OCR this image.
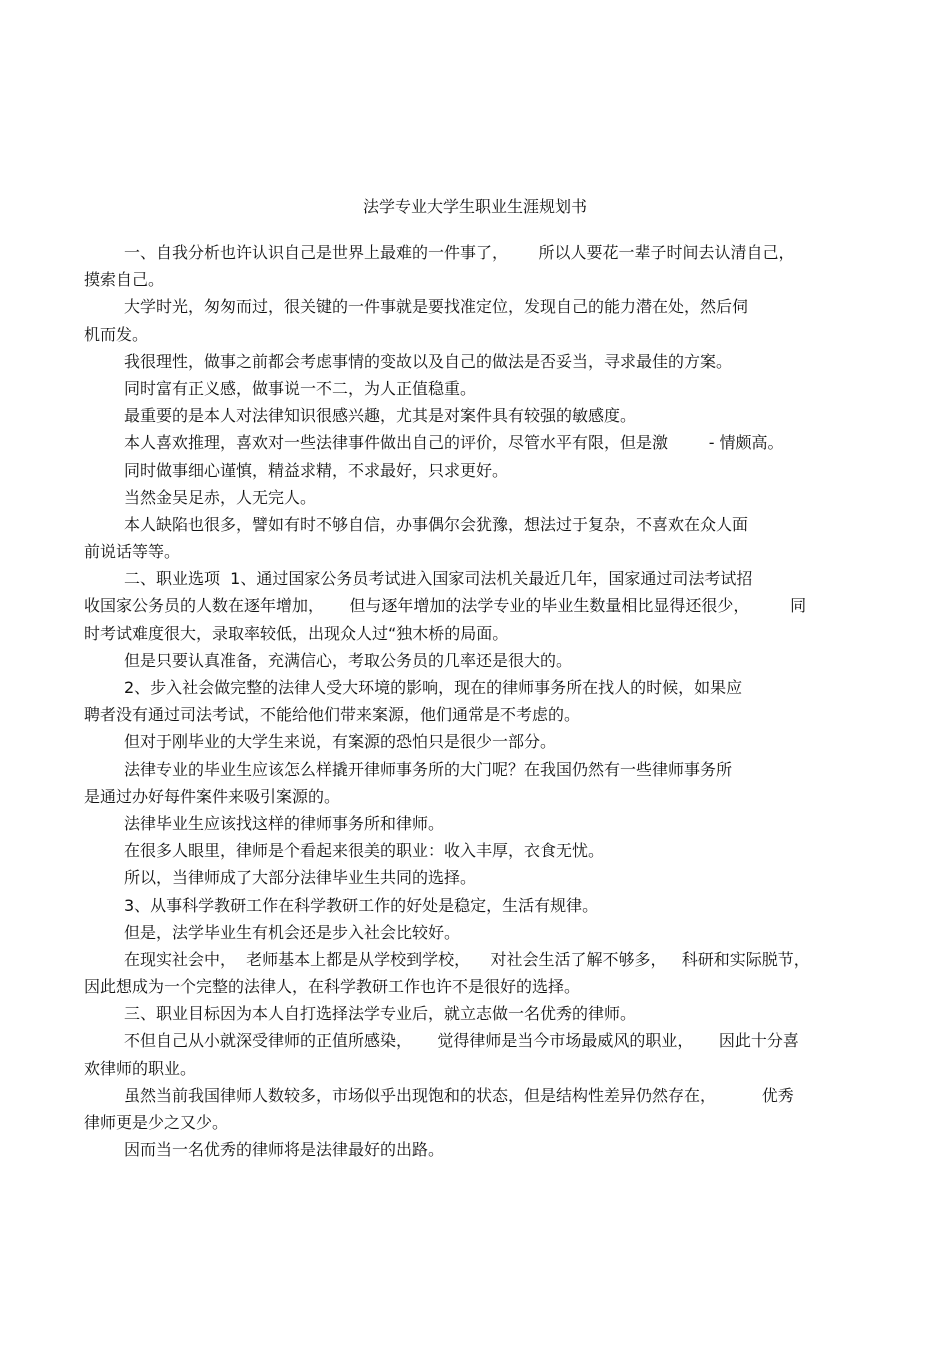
法学专业大学生职业生涯规划书
一、自我分析也许认识自己是世界上最难的一件事了，      所以人要花一辈子时间去认清自己，
摸索自己。
大学时光，匆匆而过，很关键的一件事就是要找准定位，发现自己的能力潜在处，然后伺
机而发。
我很理性，做事之前都会考虑事情的变故以及自己的做法是否妥当，寻求最佳的方案。
同时富有正义感，做事说一不二，为人正值稳重。
最重要的是本人对法律知识很感兴趣，尤其是对案件具有较强的敏感度。
本人喜欢推理，喜欢对一些法律事件做出自己的评价，尽管水平有限，但是激        - 情颇高。
同时做事细心谨慎，精益求精，不求最好，只求更好。
当然金吴足赤，人无完人。
本人缺陷也很多，譬如有时不够自信，办事偶尔会犹豫，想法过于复杂，不喜欢在众人面
前说话等等。
二、职业选项  1、通过国家公务员考试进入国家司法机关最近几年，国家通过司法考试招
收国家公务员的人数在逐年增加，     但与逐年增加的法学专业的毕业生数量相比显得还很少，        同
时考试难度很大，录取率较低，出现众人过“独木桥的局面。
但是只要认真准备，充满信心，考取公务员的几率还是很大的。
2、步入社会做完整的法律人受大环境的影响，现在的律师事务所在找人的时候，如果应
聘者没有通过司法考试，不能给他们带来案源，他们通常是不考虑的。
但对于刚毕业的大学生来说，有案源的恐怕只是很少一部分。
法律专业的毕业生应该怎么样撬开律师事务所的大门呢？在我国仍然有一些律师事务所
是通过办好每件案件来吸引案源的。
法律毕业生应该找这样的律师事务所和律师。
在很多人眼里，律师是个看起来很美的职业：收入丰厚，衣食无忧。
所以，当律师成了大部分法律毕业生共同的选择。
3、从事科学教研工作在科学教研工作的好处是稳定，生活有规律。
但是，法学毕业生有机会还是步入社会比较好。
在现实社会中，  老师基本上都是从学校到学校，    对社会生活了解不够多，   科研和实际脱节，
因此想成为一个完整的法律人，在科学教研工作也许不是很好的选择。
三、职业目标因为本人自打选择法学专业后，就立志做一名优秀的律师。
不但自己从小就深受律师的正值所感染，     觉得律师是当今市场最威风的职业，     因此十分喜
欢律师的职业。
虽然当前我国律师人数较多，市场似乎出现饱和的状态，但是结构性差异仍然存在，         优秀
律师更是少之又少。
因而当一名优秀的律师将是法律最好的出路。
